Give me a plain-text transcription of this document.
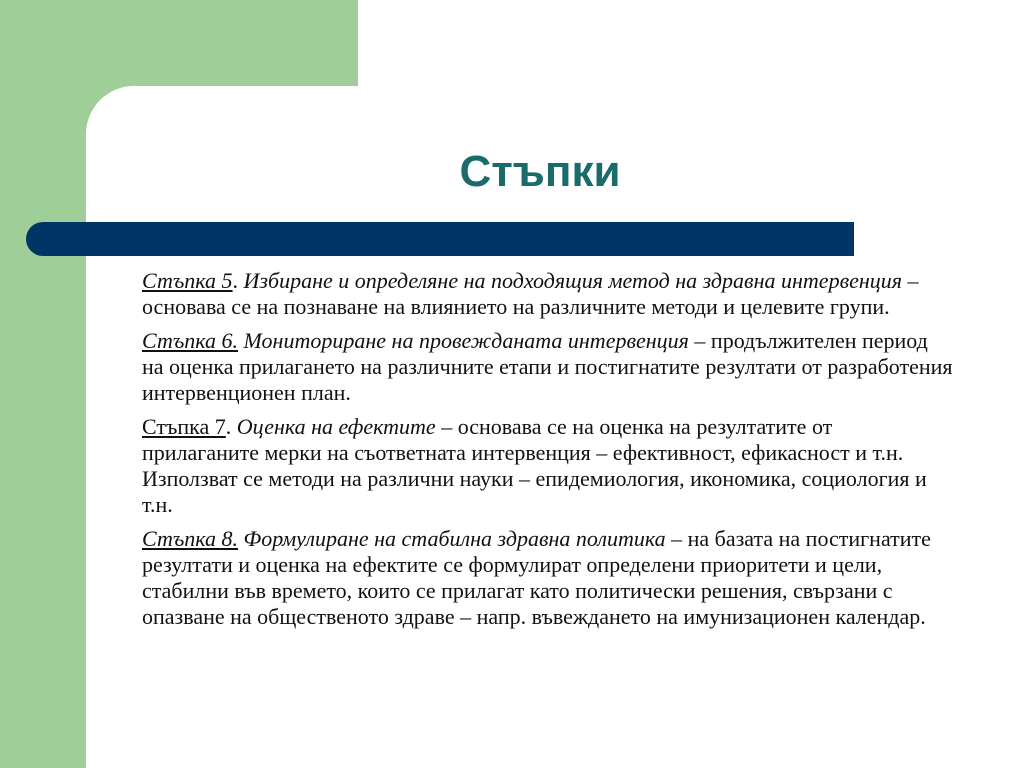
Стъпки

Стъпка 5. Избиране и определяне на подходящия метод на здравна интервенция – основава се на познаване на влиянието на различните методи и целевите групи.

Стъпка 6. Мониториране на провежданата интервенция – продължителен период на оценка прилагането на различните етапи и постигнатите резултати от разработения интервенционен план.

Стъпка 7. Оценка на ефектите – основава се на оценка на резултатите от прилаганите мерки на съответната интервенция – ефективност, ефикасност и т.н. Използват се методи на различни науки – епидемиология, икономика, социология и т.н.

Стъпка 8. Формулиране на стабилна здравна политика – на базата на постигнатите резултати и оценка на ефектите се формулират определени приоритети и цели, стабилни във времето, които се прилагат като политически решения, свързани с опазване на общественото здраве – напр. въвеждането на имунизационен календар.
